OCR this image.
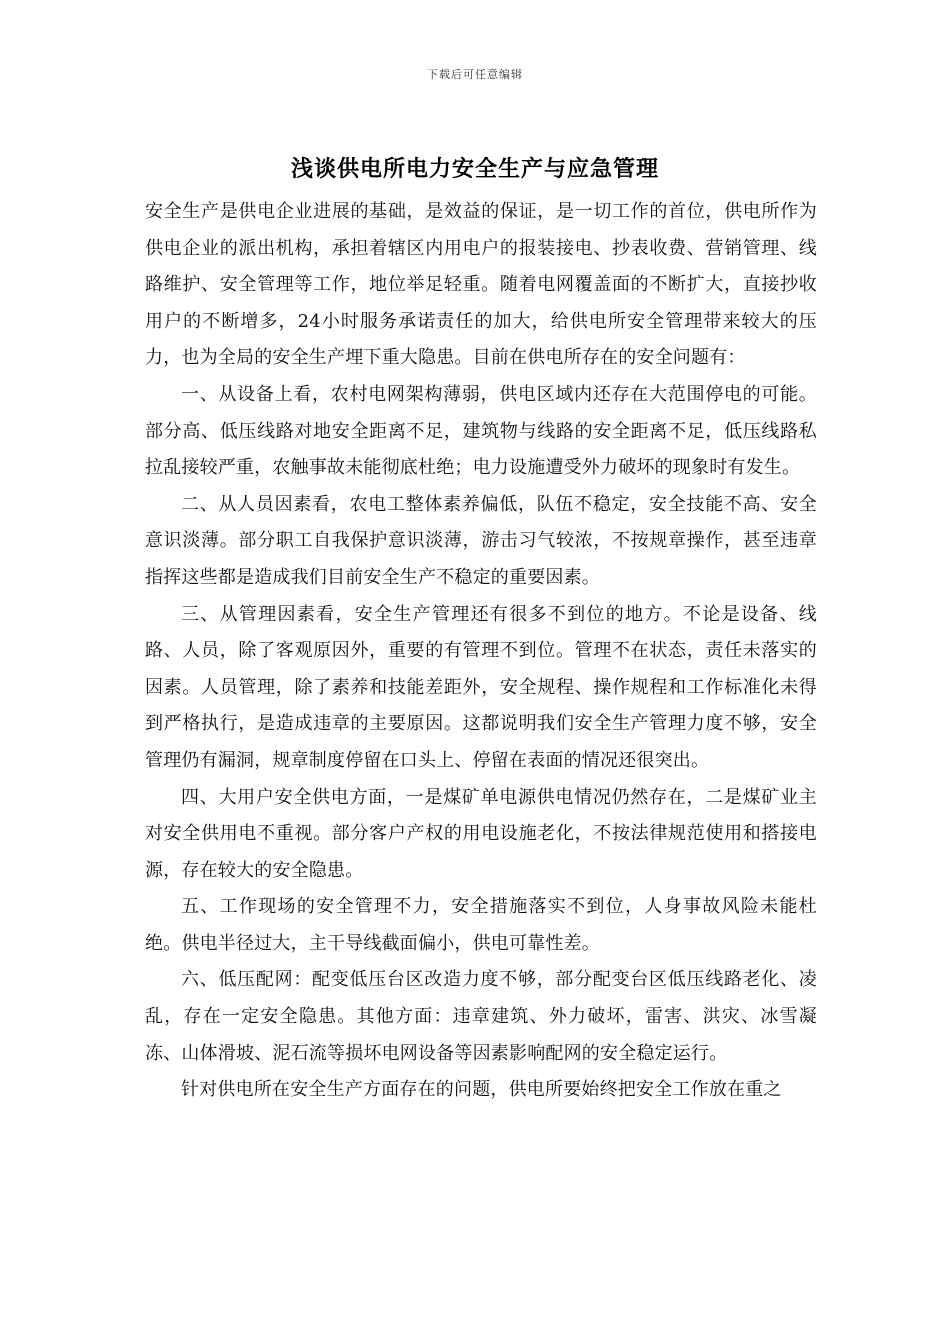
下载后可任意编辑
浅谈供电所电力安全生产与应急管理

安全生产是供电企业进展的基础，是效益的保证，是一切工作的首位，供电所作为供电企业的派出机构，承担着辖区内用电户的报装接电、抄表收费、营销管理、线路维护、安全管理等工作，地位举足轻重。随着电网覆盖面的不断扩大，直接抄收用户的不断增多，24小时服务承诺责任的加大，给供电所安全管理带来较大的压力，也为全局的安全生产埋下重大隐患。目前在供电所存在的安全问题有：

一、从设备上看，农村电网架构薄弱，供电区域内还存在大范围停电的可能。部分高、低压线路对地安全距离不足，建筑物与线路的安全距离不足，低压线路私拉乱接较严重，农触事故未能彻底杜绝；电力设施遭受外力破坏的现象时有发生。

二、从人员因素看，农电工整体素养偏低，队伍不稳定，安全技能不高、安全意识淡薄。部分职工自我保护意识淡薄，游击习气较浓，不按规章操作，甚至违章指挥这些都是造成我们目前安全生产不稳定的重要因素。

三、从管理因素看，安全生产管理还有很多不到位的地方。不论是设备、线路、人员，除了客观原因外，重要的有管理不到位。管理不在状态，责任未落实的因素。人员管理，除了素养和技能差距外，安全规程、操作规程和工作标准化未得到严格执行，是造成违章的主要原因。这都说明我们安全生产管理力度不够，安全管理仍有漏洞，规章制度停留在口头上、停留在表面的情况还很突出。

四、大用户安全供电方面，一是煤矿单电源供电情况仍然存在，二是煤矿业主对安全供用电不重视。部分客户产权的用电设施老化，不按法律规范使用和搭接电源，存在较大的安全隐患。

五、工作现场的安全管理不力，安全措施落实不到位，人身事故风险未能杜绝。供电半径过大，主干导线截面偏小，供电可靠性差。

六、低压配网：配变低压台区改造力度不够，部分配变台区低压线路老化、凌乱，存在一定安全隐患。其他方面：违章建筑、外力破坏，雷害、洪灾、冰雪凝冻、山体滑坡、泥石流等损坏电网设备等因素影响配网的安全稳定运行。

针对供电所在安全生产方面存在的问题，供电所要始终把安全工作放在重之
